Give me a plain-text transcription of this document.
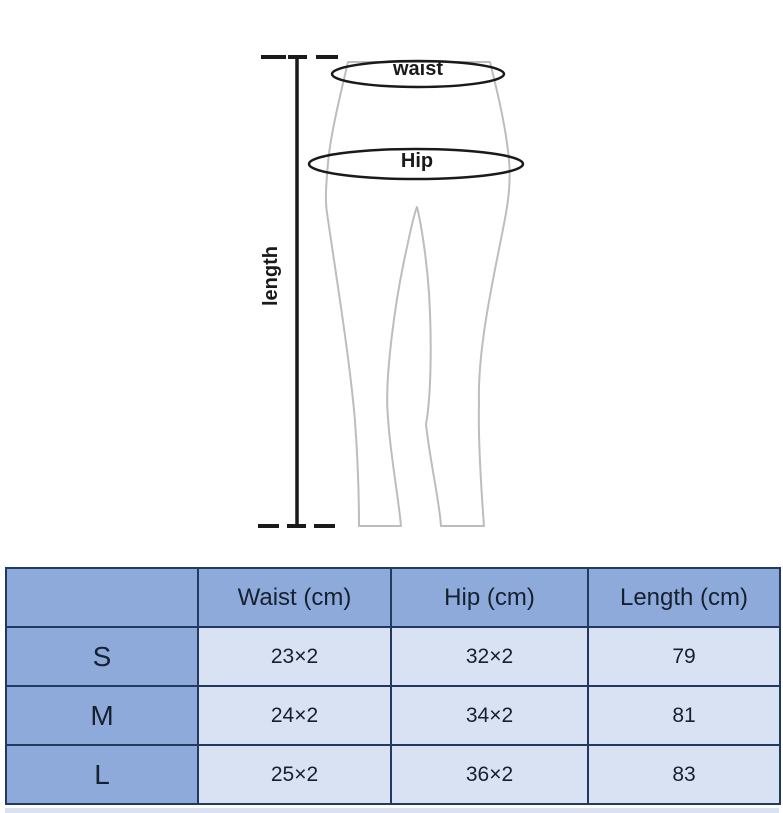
waist
Hip
length
	Waist (cm)	Hip (cm)	Length (cm)
S	23×2	32×2	79
M	24×2	34×2	81
L	25×2	36×2	83
